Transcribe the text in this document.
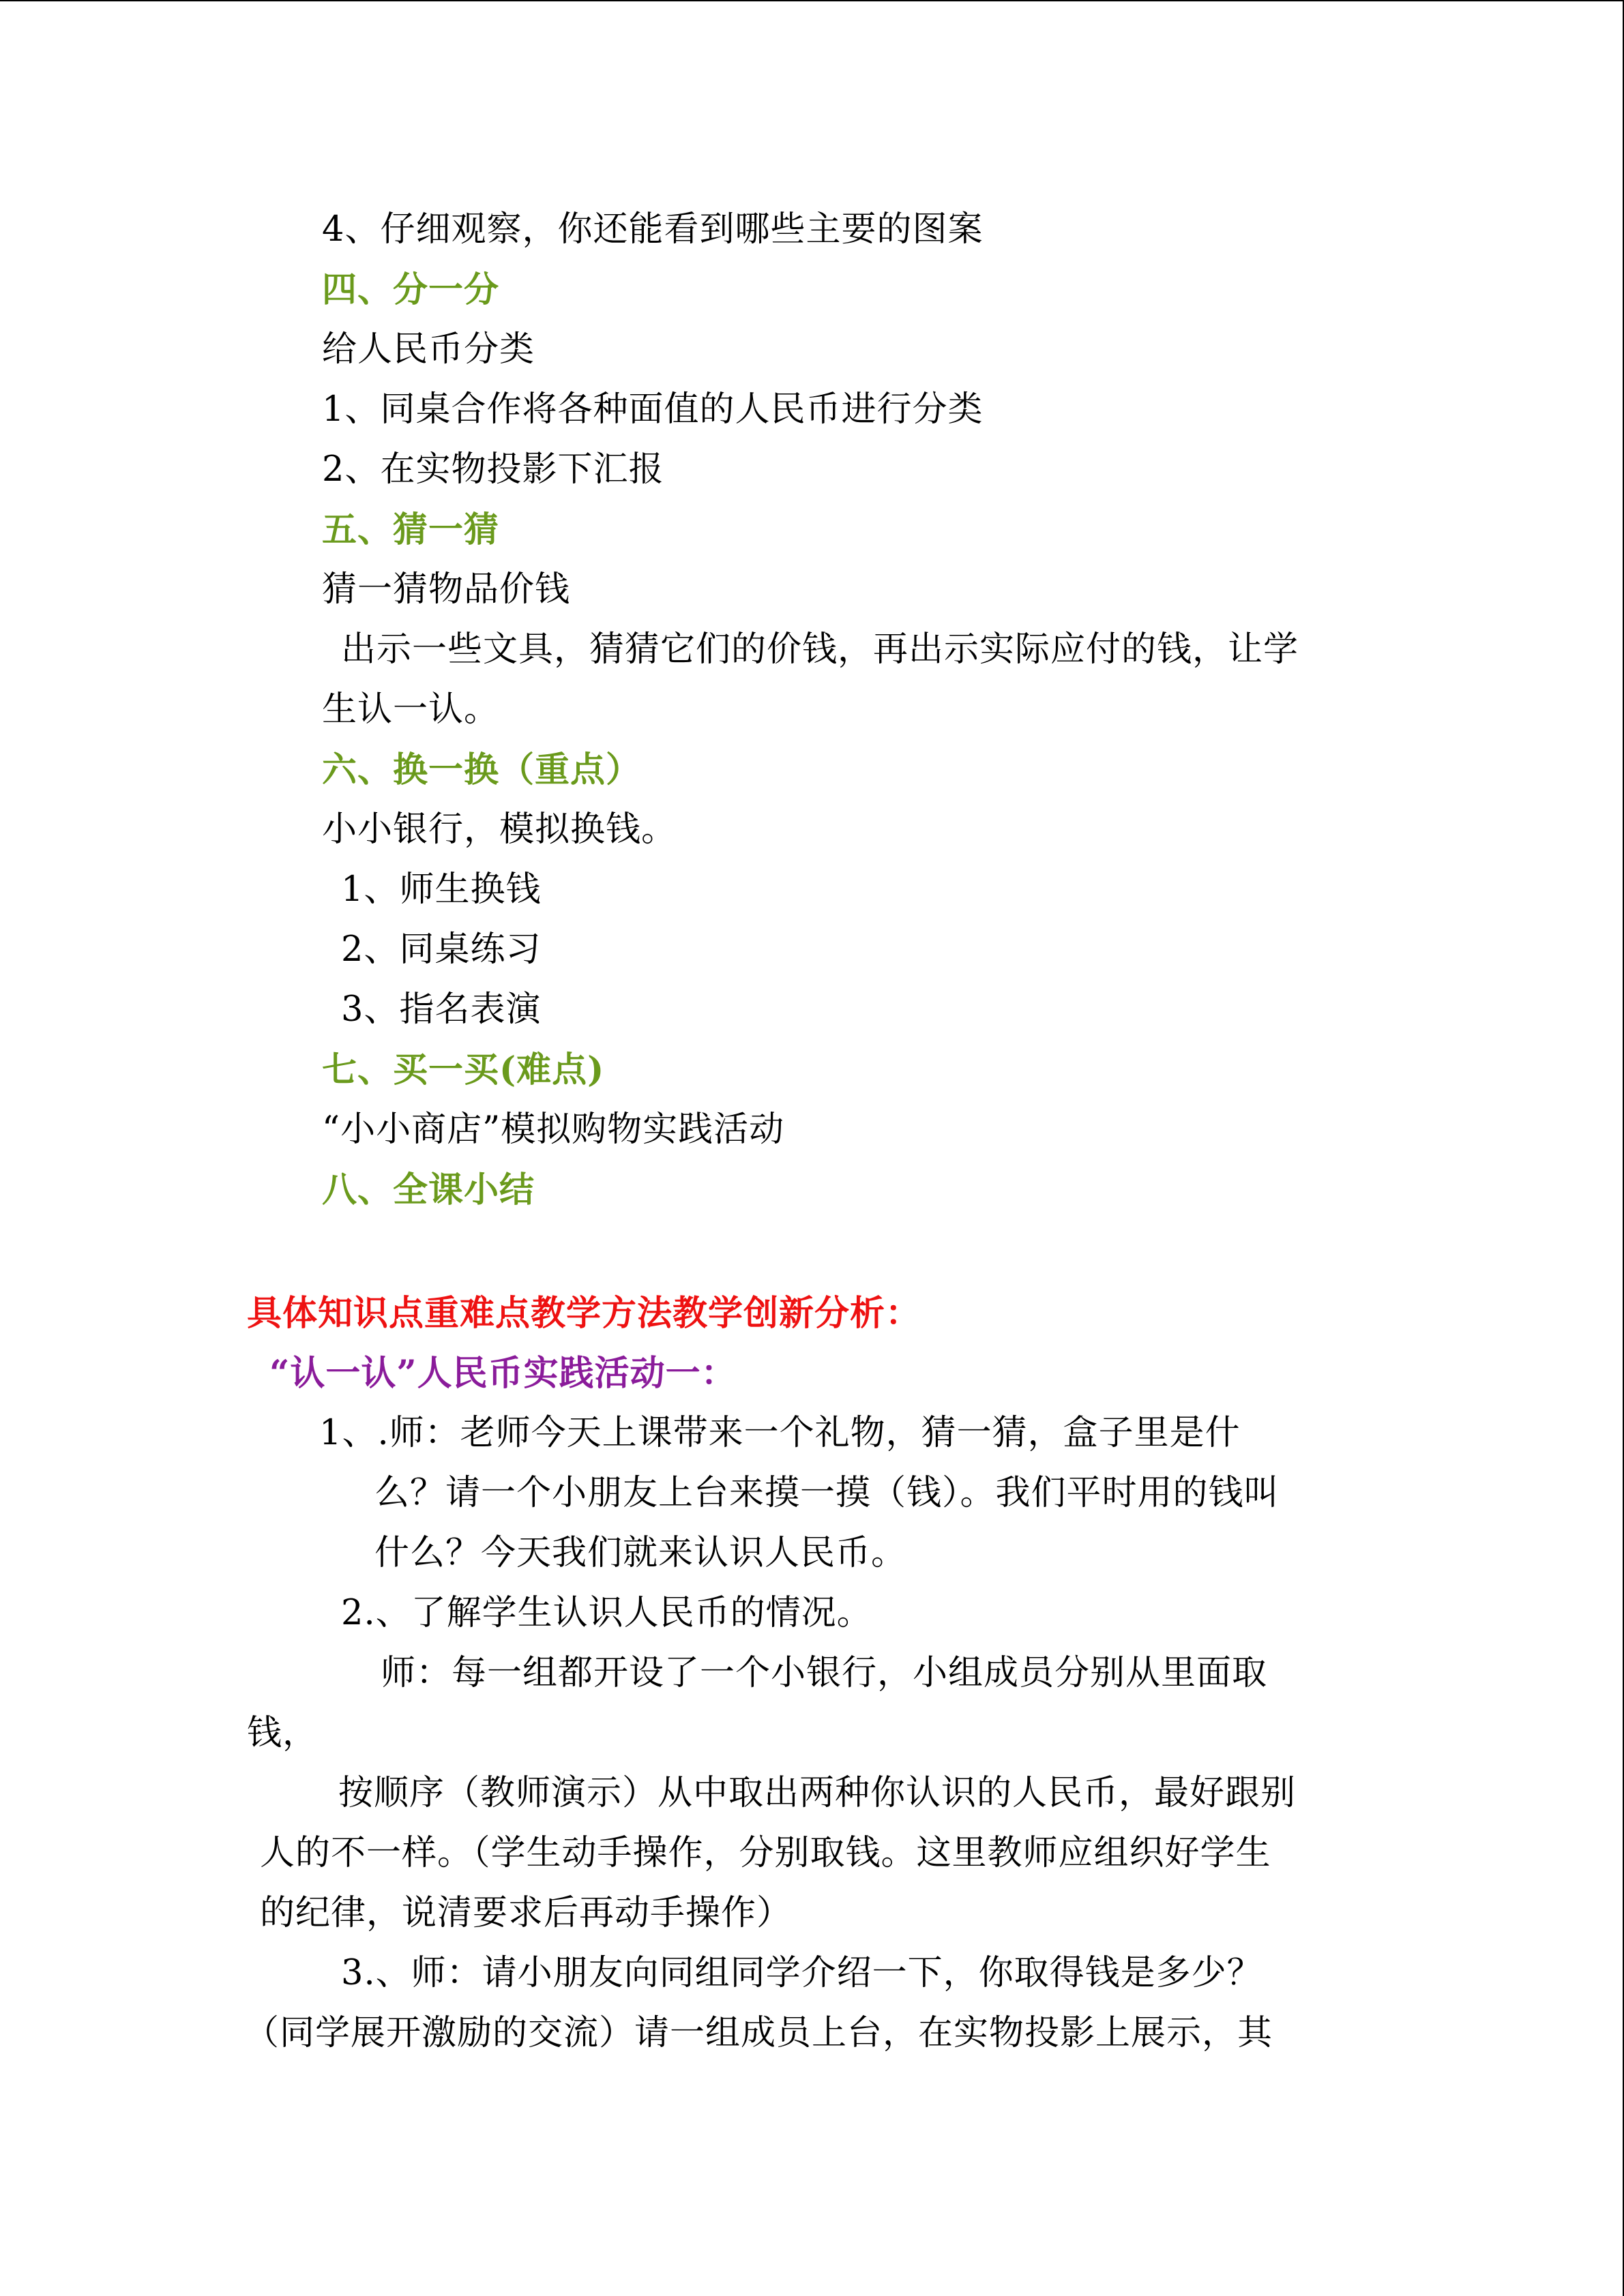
4、仔细观察，你还能看到哪些主要的图案
四、分一分
给人民币分类
1、同桌合作将各种面值的人民币进行分类
2、在实物投影下汇报
五、猜一猜
猜一猜物品价钱
出示一些文具，猜猜它们的价钱，再出示实际应付的钱，让学
生认一认。
六、换一换（重点）
小小银行，模拟换钱。
1、师生换钱
2、同桌练习
3、指名表演
七、买一买(难点)
“小小商店”模拟购物实践活动
八、全课小结
具体知识点重难点教学方法教学创新分析：
“认一认”人民币实践活动一：
1、.师：老师今天上课带来一个礼物，猜一猜，盒子里是什
么？请一个小朋友上台来摸一摸（钱）。我们平时用的钱叫
什么？今天我们就来认识人民币。
2.、了解学生认识人民币的情况。
师：每一组都开设了一个小银行，小组成员分别从里面取
钱，
按顺序（教师演示）从中取出两种你认识的人民币，最好跟别
人的不一样。（学生动手操作，分别取钱。这里教师应组织好学生
的纪律，说清要求后再动手操作）
3.、师：请小朋友向同组同学介绍一下，你取得钱是多少？
（同学展开激励的交流）请一组成员上台，在实物投影上展示，其
